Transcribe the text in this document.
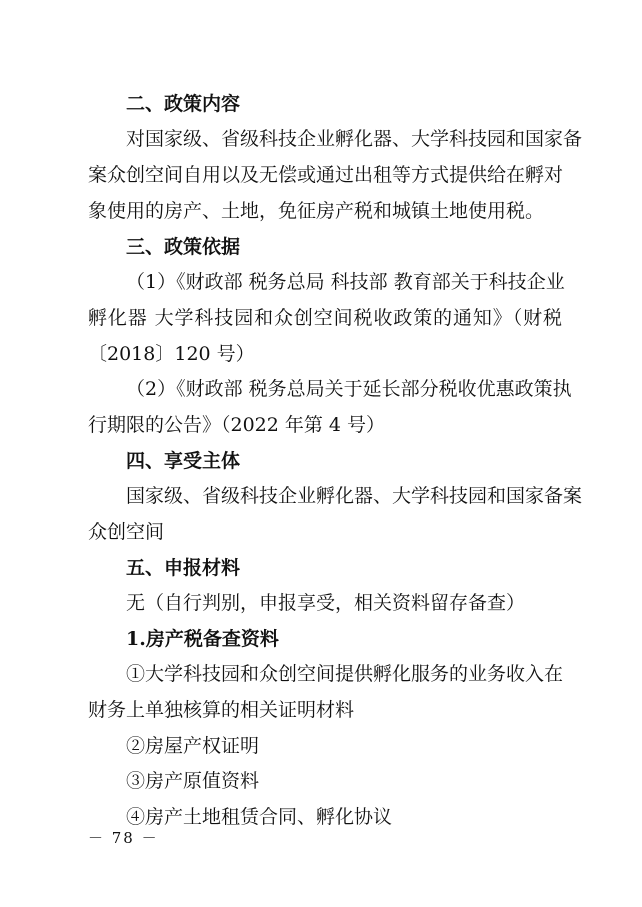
二、政策内容
对国家级、省级科技企业孵化器、大学科技园和国家备
案众创空间自用以及无偿或通过出租等方式提供给在孵对
象使用的房产、土地，免征房产税和城镇土地使用税。
三、政策依据
（1）《财政部 税务总局 科技部 教育部关于科技企业
孵化器 大学科技园和众创空间税收政策的通知》（财税
〔2018〕120 号）
（2）《财政部 税务总局关于延长部分税收优惠政策执
行期限的公告》（2022 年第 4 号）
四、享受主体
国家级、省级科技企业孵化器、大学科技园和国家备案
众创空间
五、申报材料
无（自行判别，申报享受，相关资料留存备查）
1.房产税备查资料
①大学科技园和众创空间提供孵化服务的业务收入在
财务上单独核算的相关证明材料
②房屋产权证明
③房产原值资料
④房产土地租赁合同、孵化协议
－ 78 －
